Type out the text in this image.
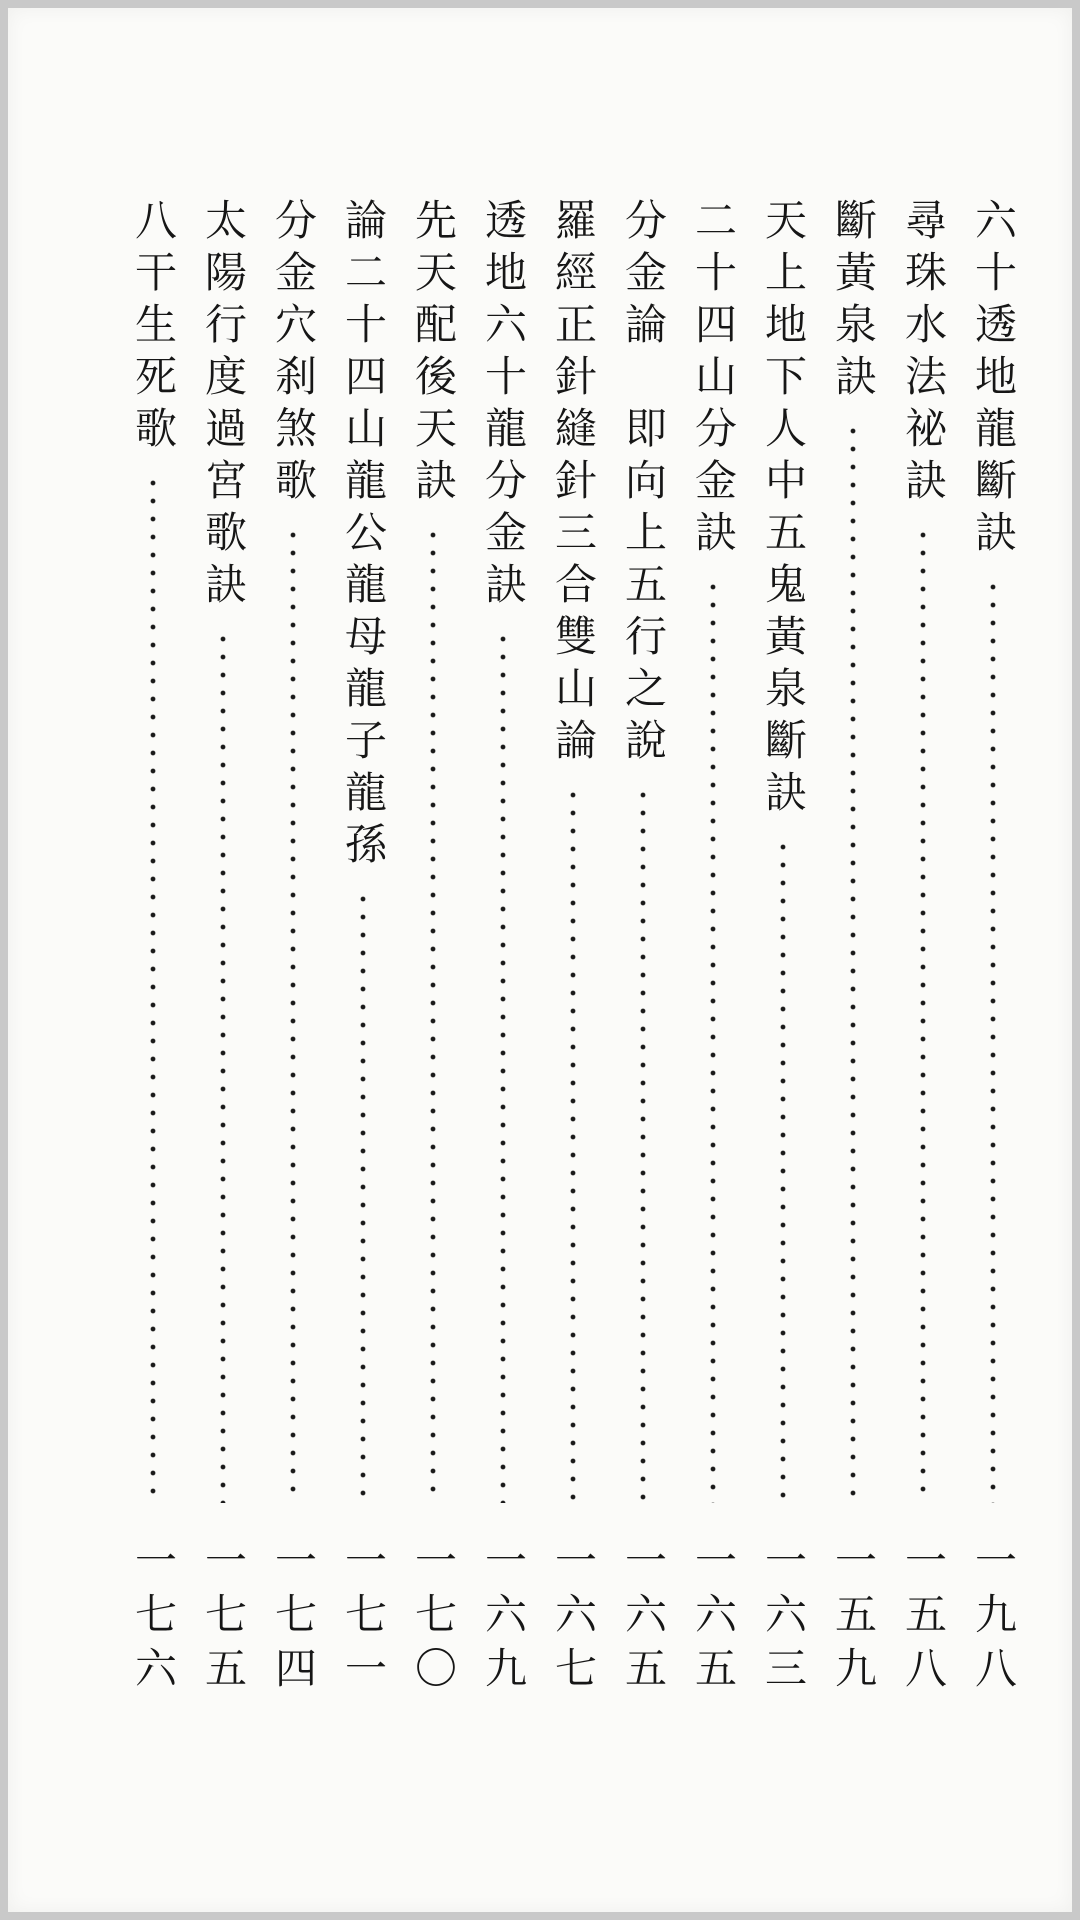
六十透地龍斷訣
一九八
尋珠水法祕訣
一五八
斷黃泉訣
一五九
天上地下人中五鬼黃泉斷訣
一六三
二十四山分金訣
一六五
分金論　即向上五行之說
一六五
羅經正針縫針三合雙山論
一六七
透地六十龍分金訣
一六九
先天配後天訣
一七〇
論二十四山龍公龍母龍子龍孫
一七一
分金穴刹煞歌
一七四
太陽行度過宮歌訣
一七五
八干生死歌
一七六
